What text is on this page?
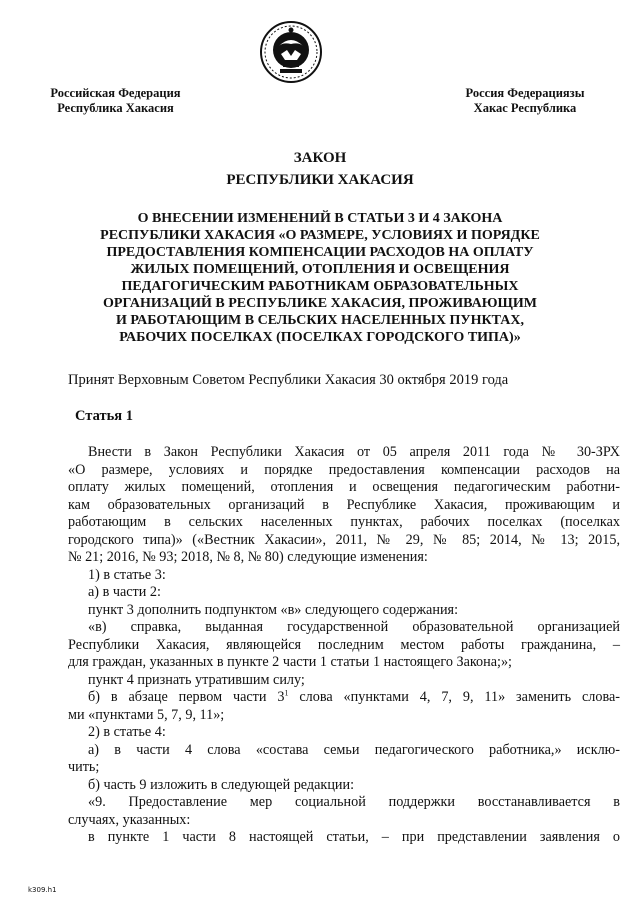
Российская Федерация
Республика Хакасия
Россия Федерациязы
Хакас Республика
ЗАКОН
РЕСПУБЛИКИ ХАКАСИЯ
О ВНЕСЕНИИ ИЗМЕНЕНИЙ В СТАТЬИ 3 И 4 ЗАКОНА
РЕСПУБЛИКИ ХАКАСИЯ «О РАЗМЕРЕ, УСЛОВИЯХ И ПОРЯДКЕ
ПРЕДОСТАВЛЕНИЯ КОМПЕНСАЦИИ РАСХОДОВ НА ОПЛАТУ
ЖИЛЫХ ПОМЕЩЕНИЙ, ОТОПЛЕНИЯ И ОСВЕЩЕНИЯ
ПЕДАГОГИЧЕСКИМ РАБОТНИКАМ ОБРАЗОВАТЕЛЬНЫХ
ОРГАНИЗАЦИЙ В РЕСПУБЛИКЕ ХАКАСИЯ, ПРОЖИВАЮЩИМ
И РАБОТАЮЩИМ В СЕЛЬСКИХ НАСЕЛЕННЫХ ПУНКТАХ,
РАБОЧИХ ПОСЕЛКАХ (ПОСЕЛКАХ ГОРОДСКОГО ТИПА)»
Принят Верховным Советом Республики Хакасия 30 октября 2019 года
Статья 1
Внести в Закон Республики Хакасия от 05 апреля 2011 года № 30-ЗРХ
«О размере, условиях и порядке предоставления компенсации расходов на
оплату жилых помещений, отопления и освещения педагогическим работни-
кам образовательных организаций в Республике Хакасия, проживающим и
работающим в сельских населенных пунктах, рабочих поселках (поселках
городского типа)» («Вестник Хакасии», 2011, № 29, № 85; 2014, № 13; 2015,
№ 21; 2016, № 93; 2018, № 8, № 80) следующие изменения:
1) в статье 3:
а) в части 2:
пункт 3 дополнить подпунктом «в» следующего содержания:
«в) справка, выданная государственной образовательной организацией
Республики Хакасия, являющейся последним местом работы гражданина, –
для граждан, указанных в пункте 2 части 1 статьи 1 настоящего Закона;»;
пункт 4 признать утратившим силу;
б) в абзаце первом части $3^1$ слова «пунктами 4, 7, 9, 11» заменить слова-
ми «пунктами 5, 7, 9, 11»;
2) в статье 4:
а) в части 4 слова «состава семьи педагогического работника,» исклю-
чить;
б) часть 9 изложить в следующей редакции:
«9. Предоставление мер социальной поддержки восстанавливается в
случаях, указанных:
в пункте 1 части 8 настоящей статьи, – при представлении заявления о
k309.h1
